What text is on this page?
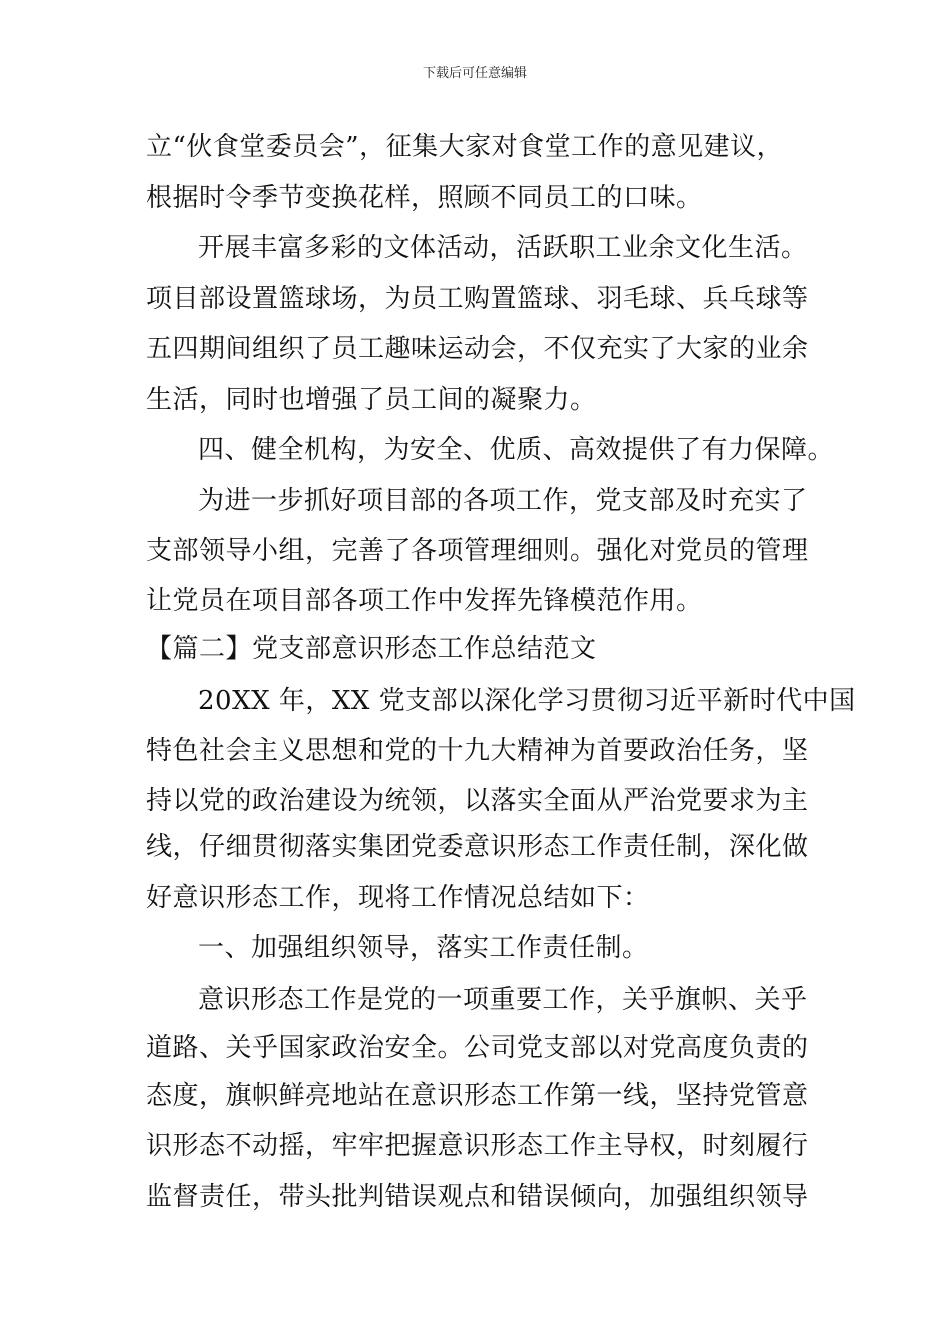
下载后可任意编辑
立“伙食堂委员会”，征集大家对食堂工作的意见建议，
根据时令季节变换花样，照顾不同员工的口味。
开展丰富多彩的文体活动，活跃职工业余文化生活。
项目部设置篮球场，为员工购置篮球、羽毛球、兵乓球等
五四期间组织了员工趣味运动会，不仅充实了大家的业余
生活，同时也增强了员工间的凝聚力。
四、健全机构，为安全、优质、高效提供了有力保障。
为进一步抓好项目部的各项工作，党支部及时充实了
支部领导小组，完善了各项管理细则。强化对党员的管理
让党员在项目部各项工作中发挥先锋模范作用。
【篇二】党支部意识形态工作总结范文
20XX 年，XX 党支部以深化学习贯彻习近平新时代中国
特色社会主义思想和党的十九大精神为首要政治任务，坚
持以党的政治建设为统领，以落实全面从严治党要求为主
线，仔细贯彻落实集团党委意识形态工作责任制，深化做
好意识形态工作，现将工作情况总结如下：
一、加强组织领导，落实工作责任制。
意识形态工作是党的一项重要工作，关乎旗帜、关乎
道路、关乎国家政治安全。公司党支部以对党高度负责的
态度，旗帜鲜亮地站在意识形态工作第一线，坚持党管意
识形态不动摇，牢牢把握意识形态工作主导权，时刻履行
监督责任，带头批判错误观点和错误倾向，加强组织领导
